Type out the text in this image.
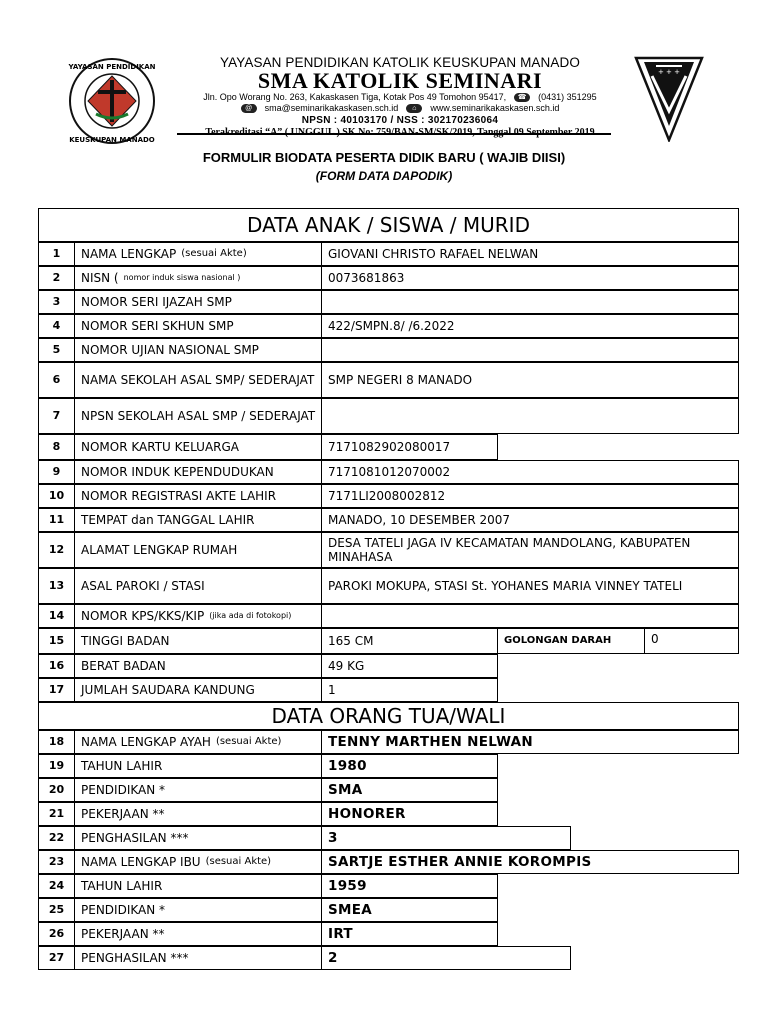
YAYASAN PENDIDIKAN
KEUSKUPAN MANADO
YAYASAN PENDIDIKAN KATOLIK KEUSKUPAN MANADO
SMA KATOLIK SEMINARI
Jln. Opo Worang No. 263, Kakaskasen Tiga, Kotak Pos 49 Tomohon 95417,	☎	(0431) 351295
@	sma@seminarikakaskasen.sch.id	⌂	www.seminarikakaskasen.sch.id
NPSN : 40103170 / NSS : 302170236064
+ + +
FORMULIR BIODATA PESERTA DIDIK BARU ( WAJIB DIISI)
(FORM DATA DAPODIK)
DATA ANAK / SISWA / MURID
1	NAMA LENGKAP (sesuai Akte)	GIOVANI CHRISTO RAFAEL NELWAN
2	NISN ( nomor induk siswa nasional )	0073681863
3	NOMOR SERI IJAZAH SMP
4	NOMOR SERI SKHUN SMP	422/SMPN.8/ /6.2022
5	NOMOR UJIAN NASIONAL SMP
6	NAMA SEKOLAH ASAL SMP/ SEDERAJAT	SMP NEGERI 8 MANADO
7	NPSN SEKOLAH ASAL SMP / SEDERAJAT
8	NOMOR KARTU KELUARGA	7171082902080017
9	NOMOR INDUK KEPENDUDUKAN	7171081012070002
10	NOMOR REGISTRASI AKTE LAHIR	7171LI2008002812
11	TEMPAT dan TANGGAL LAHIR	MANADO, 10 DESEMBER 2007
12	ALAMAT LENGKAP RUMAH	DESA TATELI JAGA IV KECAMATAN MANDOLANG, KABUPATEN MINAHASA
13	ASAL PAROKI / STASI	PAROKI MOKUPA, STASI St. YOHANES MARIA VINNEY TATELI
14	NOMOR KPS/KKS/KIP (jika ada di fotokopi)
15	TINGGI BADAN	165 CM	GOLONGAN DARAH	0
16	BERAT BADAN	49 KG
17	JUMLAH SAUDARA KANDUNG	1
DATA ORANG TUA/WALI
18	NAMA LENGKAP AYAH (sesuai Akte)	TENNY MARTHEN NELWAN
19	TAHUN LAHIR	1980
20	PENDIDIKAN *	SMA
21	PEKERJAAN **	HONORER
22	PENGHASILAN ***	3
23	NAMA LENGKAP IBU (sesuai Akte)	SARTJE ESTHER ANNIE KOROMPIS
24	TAHUN LAHIR	1959
25	PENDIDIKAN *	SMEA
26	PEKERJAAN **	IRT
27	PENGHASILAN ***	2
